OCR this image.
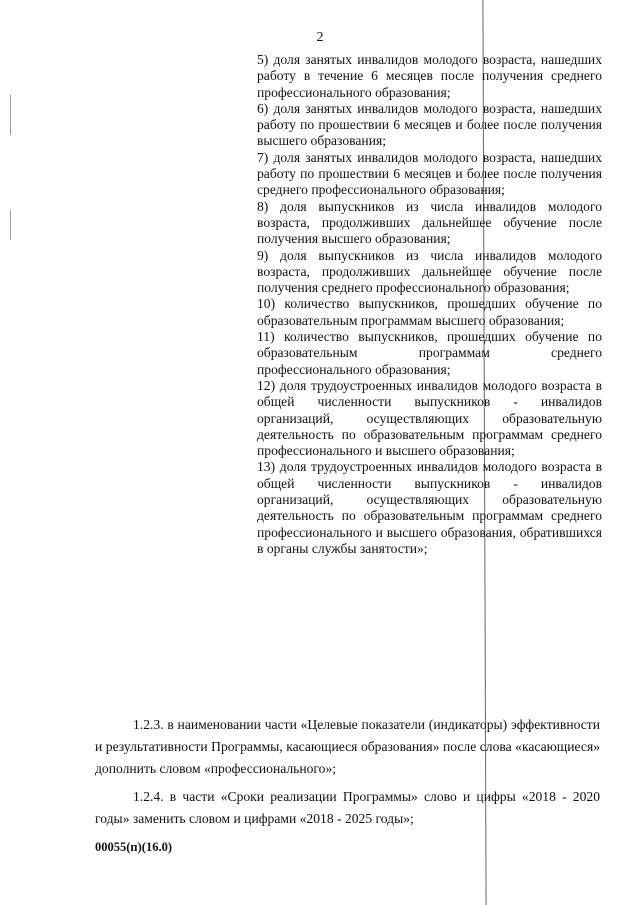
2

5) доля занятых инвалидов молодого возраста, нашедших работу в течение 6 месяцев после получения среднего профессионального образования;

6) доля занятых инвалидов молодого возраста, нашедших работу по прошествии 6 месяцев и более после получения высшего образования;

7) доля занятых инвалидов молодого возраста, нашедших работу по прошествии 6 месяцев и более после получения среднего профессионального образования;

8) доля выпускников из числа инвалидов молодого возраста, продолживших дальнейшее обучение после получения высшего образования;

9) доля выпускников из числа инвалидов молодого возраста, продолживших дальнейшее обучение после получения среднего профессионального образования;

10) количество выпускников, прошедших обучение по образовательным программам высшего образования;

11) количество выпускников, прошедших обучение по образовательным программам среднего профессионального образования;

12) доля трудоустроенных инвалидов молодого возраста в общей численности выпускников - инвалидов организаций, осуществляющих образовательную деятельность по образовательным программам среднего профессионального и высшего образования;

13) доля трудоустроенных инвалидов молодого возраста в общей численности выпускников - инвалидов организаций, осуществляющих образовательную деятельность по образовательным программам среднего профессионального и высшего образования, обратившихся в органы службы занятости»;

1.2.3. в наименовании части «Целевые показатели (индикаторы) эффективности и результативности Программы, касающиеся образования» после слова «касающиеся» дополнить словом «профессионального»;

1.2.4. в части «Сроки реализации Программы» слово и цифры «2018 - 2020 годы» заменить словом и цифрами «2018 - 2025 годы»;

00055(п)(16.0)
